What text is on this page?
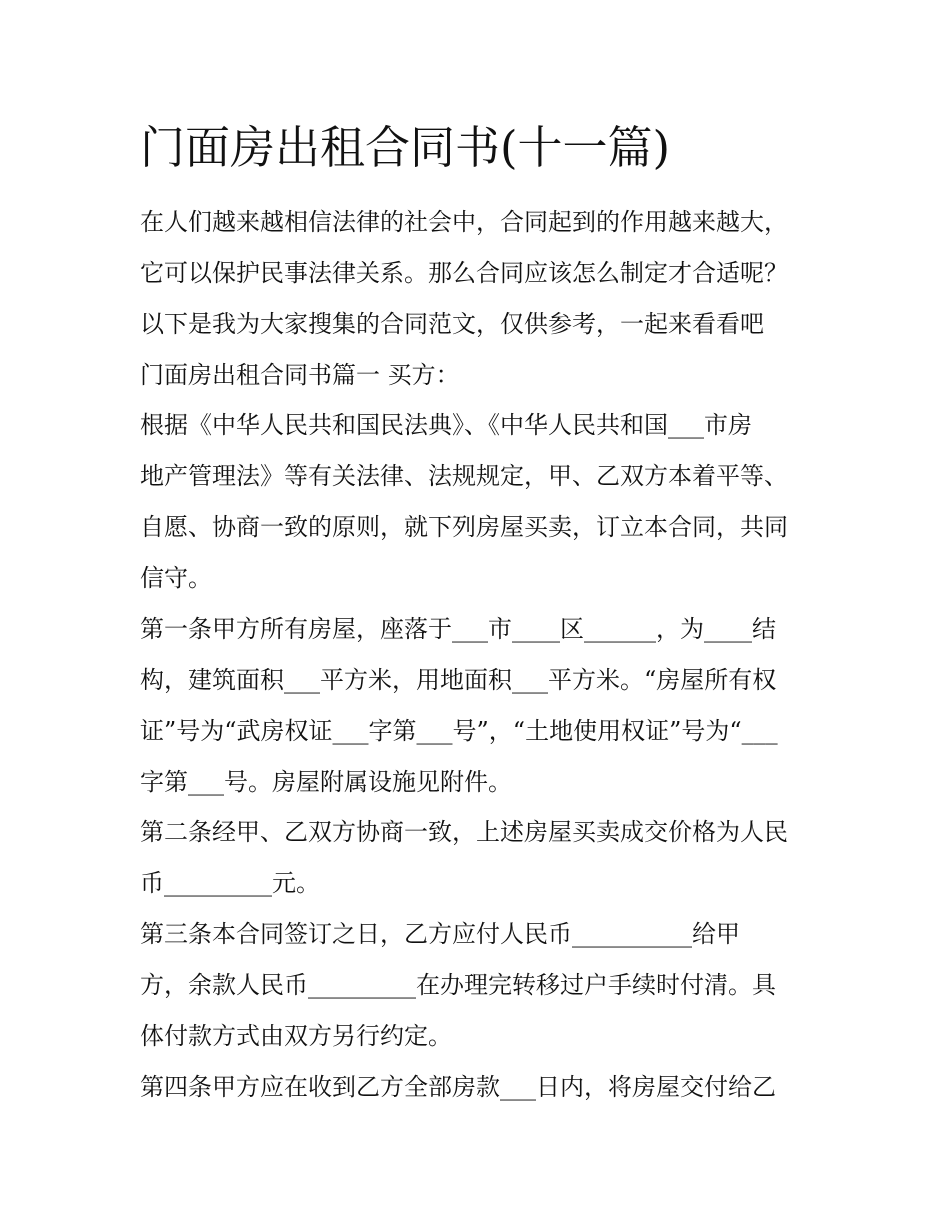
门面房出租合同书(十一篇)
在人们越来越相信法律的社会中，合同起到的作用越来越大，
它可以保护民事法律关系。那么合同应该怎么制定才合适呢？
以下是我为大家搜集的合同范文，仅供参考，一起来看看吧
门面房出租合同书篇一 买方：
根据《中华人民共和国民法典》、《中华人民共和国___市房
地产管理法》等有关法律、法规规定，甲、乙双方本着平等、
自愿、协商一致的原则，就下列房屋买卖，订立本合同，共同
信守。
第一条甲方所有房屋，座落于___市____区______，为____结
构，建筑面积___平方米，用地面积___平方米。“房屋所有权
证”号为“武房权证___字第___号”，“土地使用权证”号为“___
字第___号。房屋附属设施见附件。
第二条经甲、乙双方协商一致，上述房屋买卖成交价格为人民
币_________元。
第三条本合同签订之日，乙方应付人民币__________给甲
方，余款人民币_________在办理完转移过户手续时付清。具
体付款方式由双方另行约定。
第四条甲方应在收到乙方全部房款___日内，将房屋交付给乙
